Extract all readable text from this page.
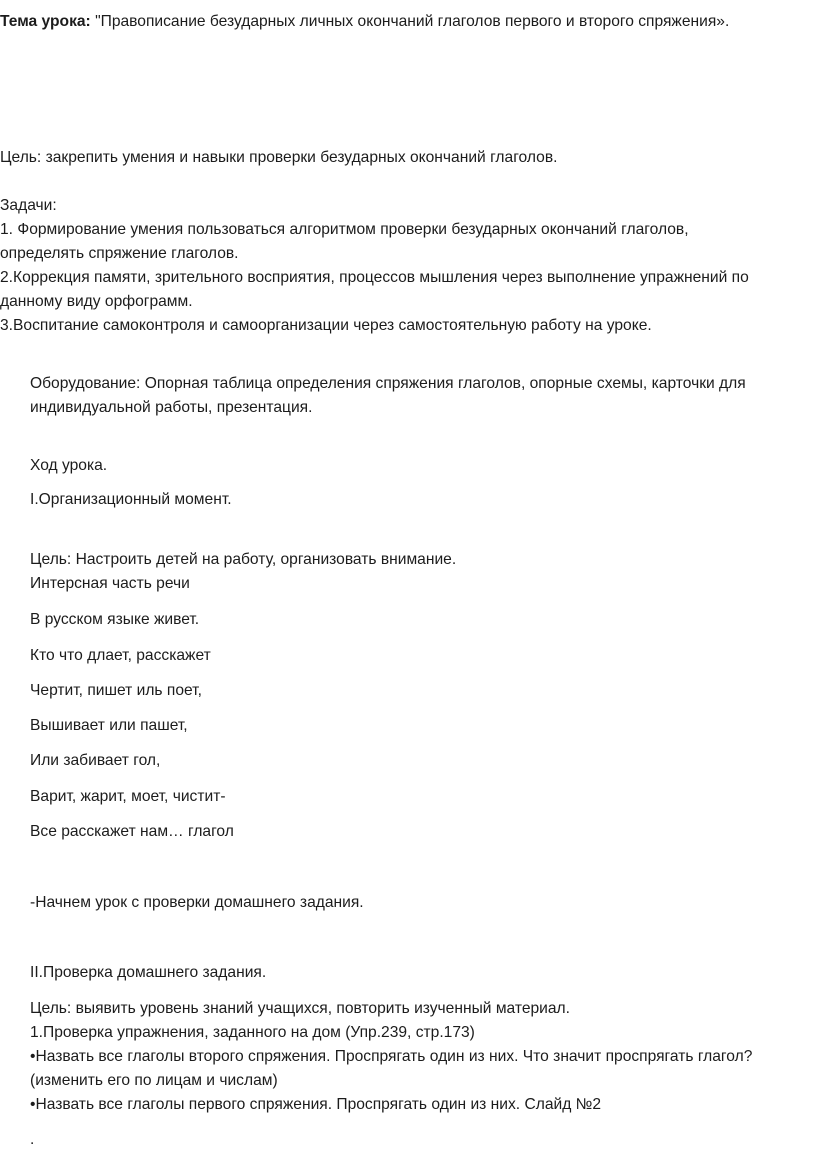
Тема урока: "Правописание безударных личных окончаний глаголов первого и второго спряжения».
Цель: закрепить умения и навыки проверки безударных окончаний глаголов.
Задачи:
1. Формирование умения пользоваться алгоритмом проверки безударных окончаний глаголов,
определять спряжение глаголов.
2.Коррекция памяти, зрительного восприятия, процессов мышления через выполнение упражнений по
данному виду орфограмм.
3.Воспитание самоконтроля и самоорганизации через самостоятельную работу на уроке.
Оборудование: Опорная таблица определения спряжения глаголов, опорные схемы, карточки для
индивидуальной работы, презентация.
Ход урока.
I.Организационный момент.
Цель: Настроить детей на работу, организовать внимание.
Интерсная часть речи
В русском языке живет.
Кто что длает, расскажет
Чертит, пишет иль поет,
Вышивает или пашет,
Или забивает гол,
Варит, жарит, моет, чистит-
Все расскажет нам… глагол
-Начнем урок с проверки домашнего задания.
II.Проверка домашнего задания.
Цель: выявить уровень знаний учащихся, повторить изученный материал.
1.Проверка упражнения, заданного на дом (Упр.239, стр.173)
•Назвать все глаголы второго спряжения. Проспрягать один из них. Что значит проспрягать глагол?
(изменить его по лицам и числам)
•Назвать все глаголы первого спряжения. Проспрягать один из них. Слайд №2
.
